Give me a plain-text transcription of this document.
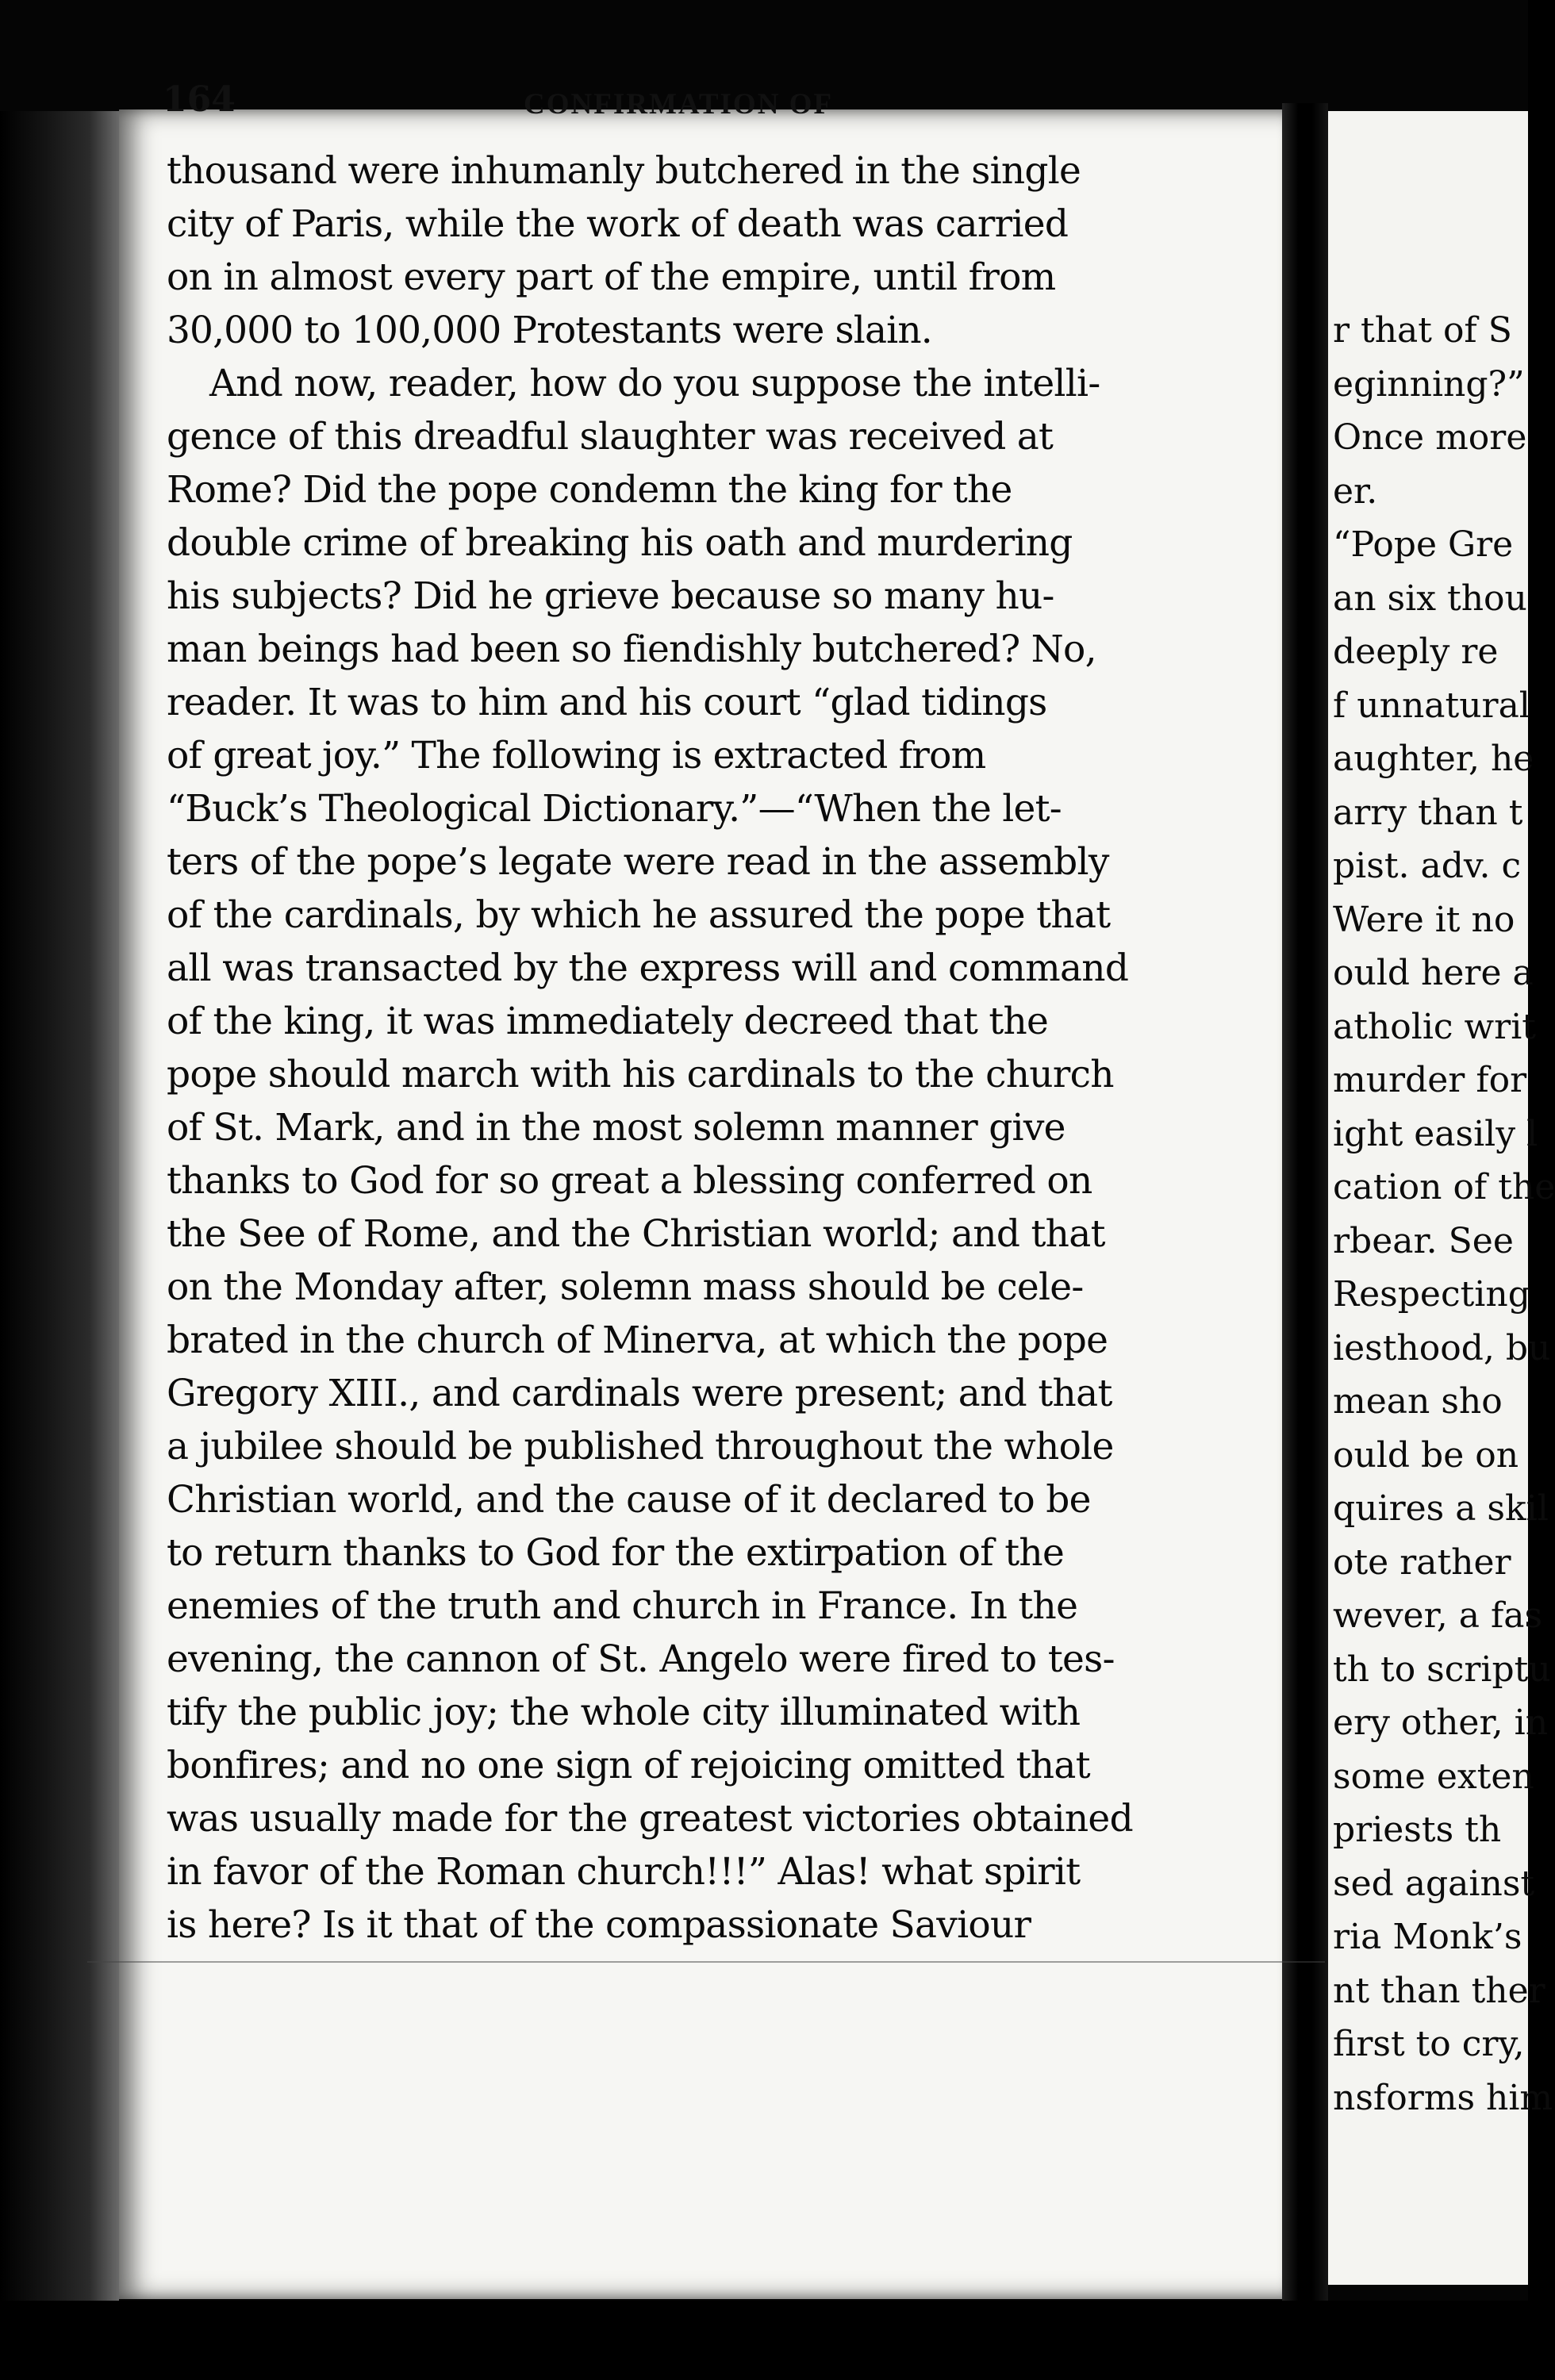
r that of S
eginning?”
Once more
er.
“Pope Gre
an six thou
deeply re
f unnatural
aughter, he
arry than t
pist. adv. c
Were it no
ould here a
atholic writ
murder for
ight easily l
cation of the
rbear. See
Respecting
iesthood, bu
mean sho
ould be on
quires a skil
ote rather
wever, a fas
th to scriptu
ery other, in
some exten
priests th
sed against
ria Monk’s
nt than ther
first to cry,
nsforms him
164	CONFIRMATION OF
thousand were inhumanly butchered in the single
city of Paris, while the work of death was carried
on in almost every part of the empire, until from
30,000 to 100,000 Protestants were slain.
And now, reader, how do you suppose the intelli-
gence of this dreadful slaughter was received at
Rome? Did the pope condemn the king for the
double crime of breaking his oath and murdering
his subjects? Did he grieve because so many hu-
man beings had been so fiendishly butchered? No,
reader. It was to him and his court “glad tidings
of great joy.” The following is extracted from
“Buck’s Theological Dictionary.”—“When the let-
ters of the pope’s legate were read in the assembly
of the cardinals, by which he assured the pope that
all was transacted by the express will and command
of the king, it was immediately decreed that the
pope should march with his cardinals to the church
of St. Mark, and in the most solemn manner give
thanks to God for so great a blessing conferred on
the See of Rome, and the Christian world; and that
on the Monday after, solemn mass should be cele-
brated in the church of Minerva, at which the pope
Gregory XIII., and cardinals were present; and that
a jubilee should be published throughout the whole
Christian world, and the cause of it declared to be
to return thanks to God for the extirpation of the
enemies of the truth and church in France. In the
evening, the cannon of St. Angelo were fired to tes-
tify the public joy; the whole city illuminated with
bonfires; and no one sign of rejoicing omitted that
was usually made for the greatest victories obtained
in favor of the Roman church!!!” Alas! what spirit
is here? Is it that of the compassionate Saviour
